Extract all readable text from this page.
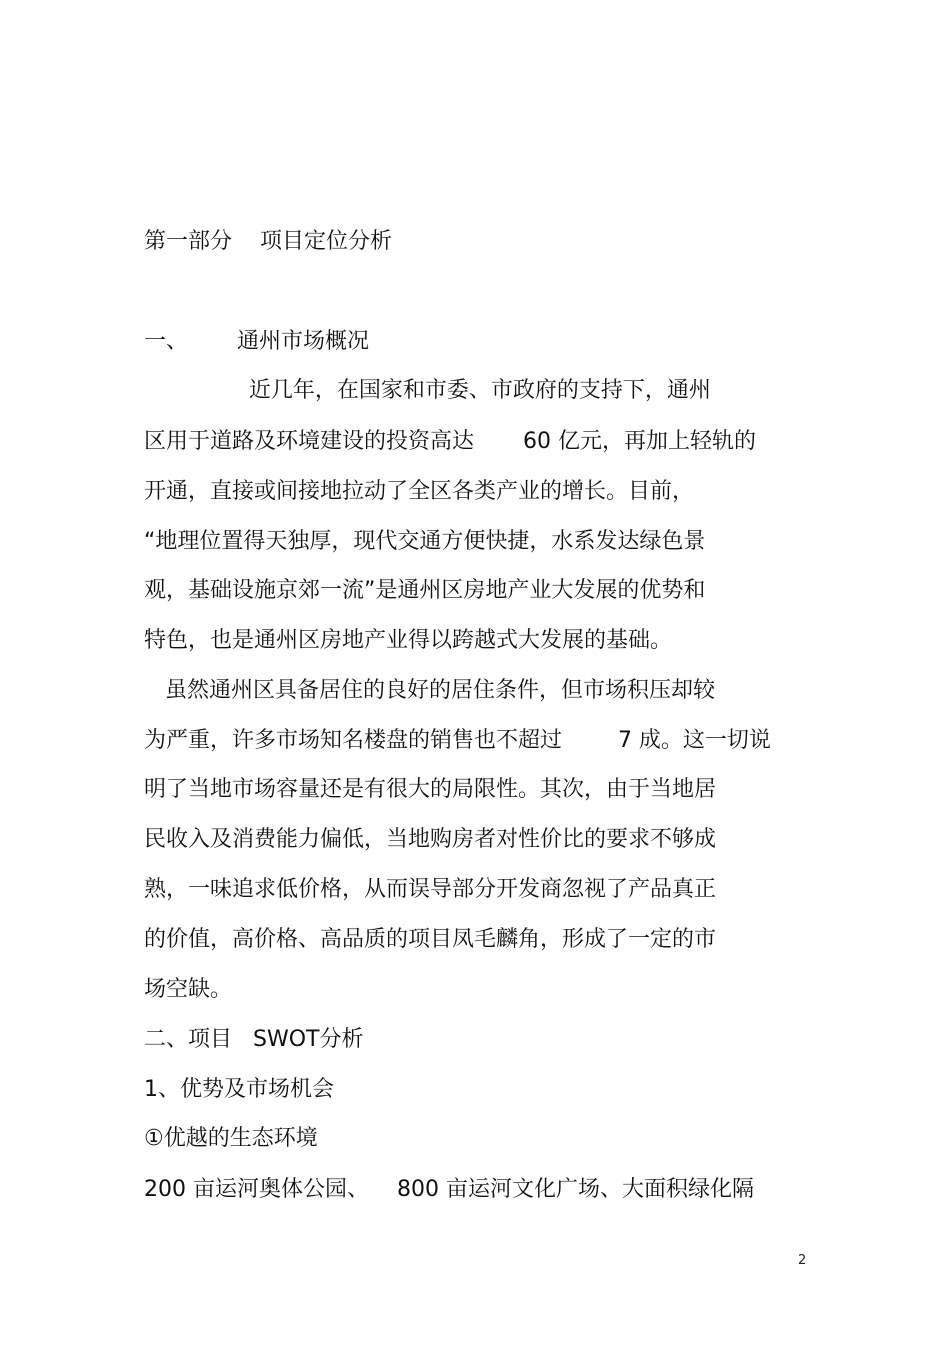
第一部分    项目定位分析
一、       通州市场概况
近几年，在国家和市委、市政府的支持下，通州
区用于道路及环境建设的投资高达       60 亿元，再加上轻轨的
开通，直接或间接地拉动了全区各类产业的增长。目前，
“地理位置得天独厚，现代交通方便快捷，水系发达绿色景
观，基础设施京郊一流”是通州区房地产业大发展的优势和
特色，也是通州区房地产业得以跨越式大发展的基础。
虽然通州区具备居住的良好的居住条件，但市场积压却较
为严重，许多市场知名楼盘的销售也不超过        7 成。这一切说
明了当地市场容量还是有很大的局限性。其次，由于当地居
民收入及消费能力偏低，当地购房者对性价比的要求不够成
熟，一味追求低价格，从而误导部分开发商忽视了产品真正
的价值，高价格、高品质的项目凤毛麟角，形成了一定的市
场空缺。
二、项目   SWOT分析
1、优势及市场机会
①优越的生态环境
200 亩运河奥体公园、    800 亩运河文化广场、大面积绿化隔
2
